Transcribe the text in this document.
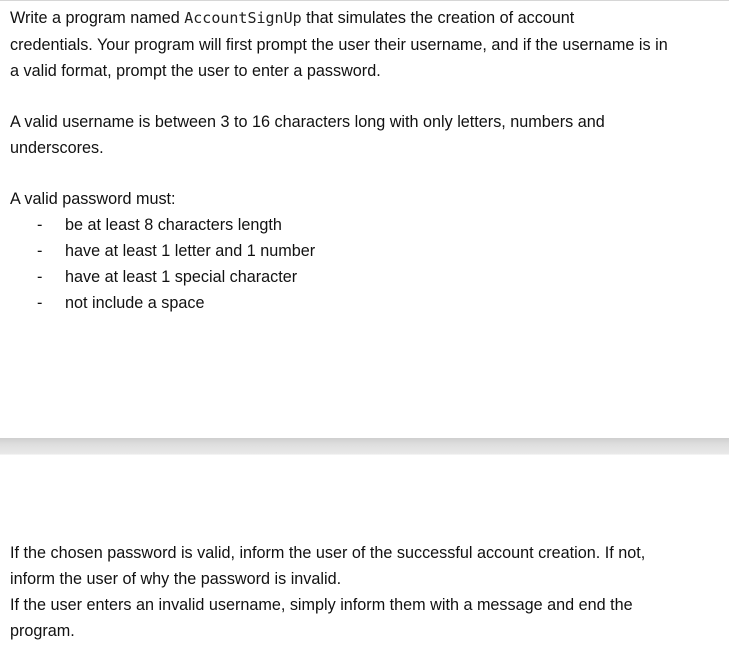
Write a program named AccountSignUp that simulates the creation of account
credentials. Your program will first prompt the user their username, and if the username is in
a valid format, prompt the user to enter a password.
A valid username is between 3 to 16 characters long with only letters, numbers and
underscores.
A valid password must:
- be at least 8 characters length
- have at least 1 letter and 1 number
- have at least 1 special character
- not include a space
If the chosen password is valid, inform the user of the successful account creation. If not,
inform the user of why the password is invalid.
If the user enters an invalid username, simply inform them with a message and end the
program.
